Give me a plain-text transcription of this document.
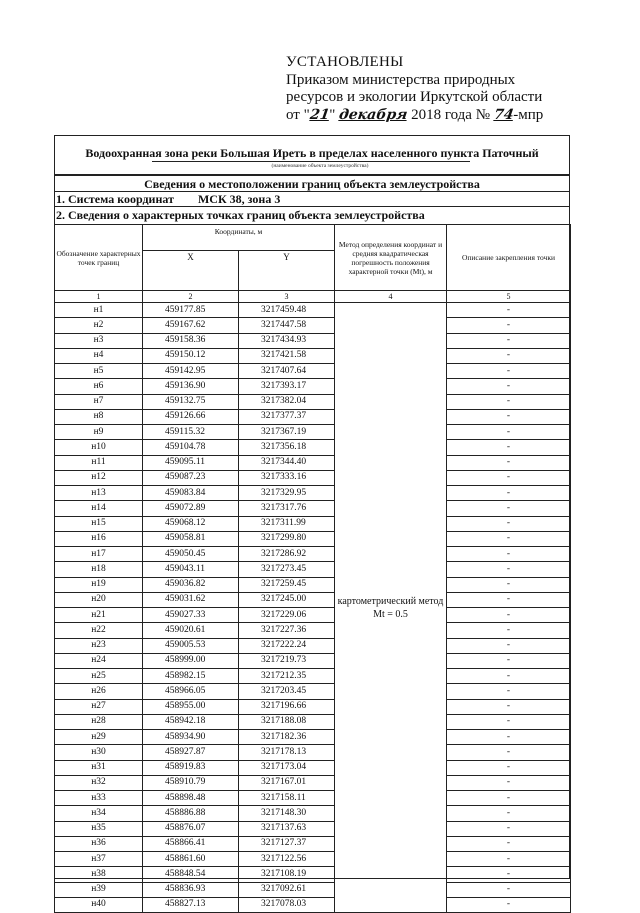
УСТАНОВЛЕНЫ
Приказом министерства природных
ресурсов и экологии Иркутской области
от "21" декабря 2018 года № 74-мпр
Водоохранная зона реки Большая Иреть в пределах населенного пункта Паточный
(наименование объекта землеустройства)
Сведения о местоположении границ объекта землеустройства
1. Система координат МСК 38, зона 3
2. Сведения о характерных точках границ объекта землеустройства
Обозначение характерных точек границ	Координаты, м		Метод определения координат и средняя квадратическая погрешность положения характерной точки (Мt), м	Описание закрепления точки
	X	Y		
1	2	3	4	5
н1	459177.85	3217459.48	картометрический метод Mt = 0.5	-
н2	459167.62	3217447.58		-
н3	459158.36	3217434.93		-
н4	459150.12	3217421.58		-
н5	459142.95	3217407.64		-
н6	459136.90	3217393.17		-
н7	459132.75	3217382.04		-
н8	459126.66	3217377.37		-
н9	459115.32	3217367.19		-
н10	459104.78	3217356.18		-
н11	459095.11	3217344.40		-
н12	459087.23	3217333.16		-
н13	459083.84	3217329.95		-
н14	459072.89	3217317.76		-
н15	459068.12	3217311.99		-
н16	459058.81	3217299.80		-
н17	459050.45	3217286.92		-
н18	459043.11	3217273.45		-
н19	459036.82	3217259.45		-
н20	459031.62	3217245.00		-
н21	459027.33	3217229.06		-
н22	459020.61	3217227.36		-
н23	459005.53	3217222.24		-
н24	458999.00	3217219.73		-
н25	458982.15	3217212.35		-
н26	458966.05	3217203.45		-
н27	458955.00	3217196.66		-
н28	458942.18	3217188.08		-
н29	458934.90	3217182.36		-
н30	458927.87	3217178.13		-
н31	458919.83	3217173.04		-
н32	458910.79	3217167.01		-
н33	458898.48	3217158.11		-
н34	458886.88	3217148.30		-
н35	458876.07	3217137.63		-
н36	458866.41	3217127.37		-
н37	458861.60	3217122.56		-
н38	458848.54	3217108.19		-
н39	458836.93	3217092.61		-
н40	458827.13	3217078.03		-
